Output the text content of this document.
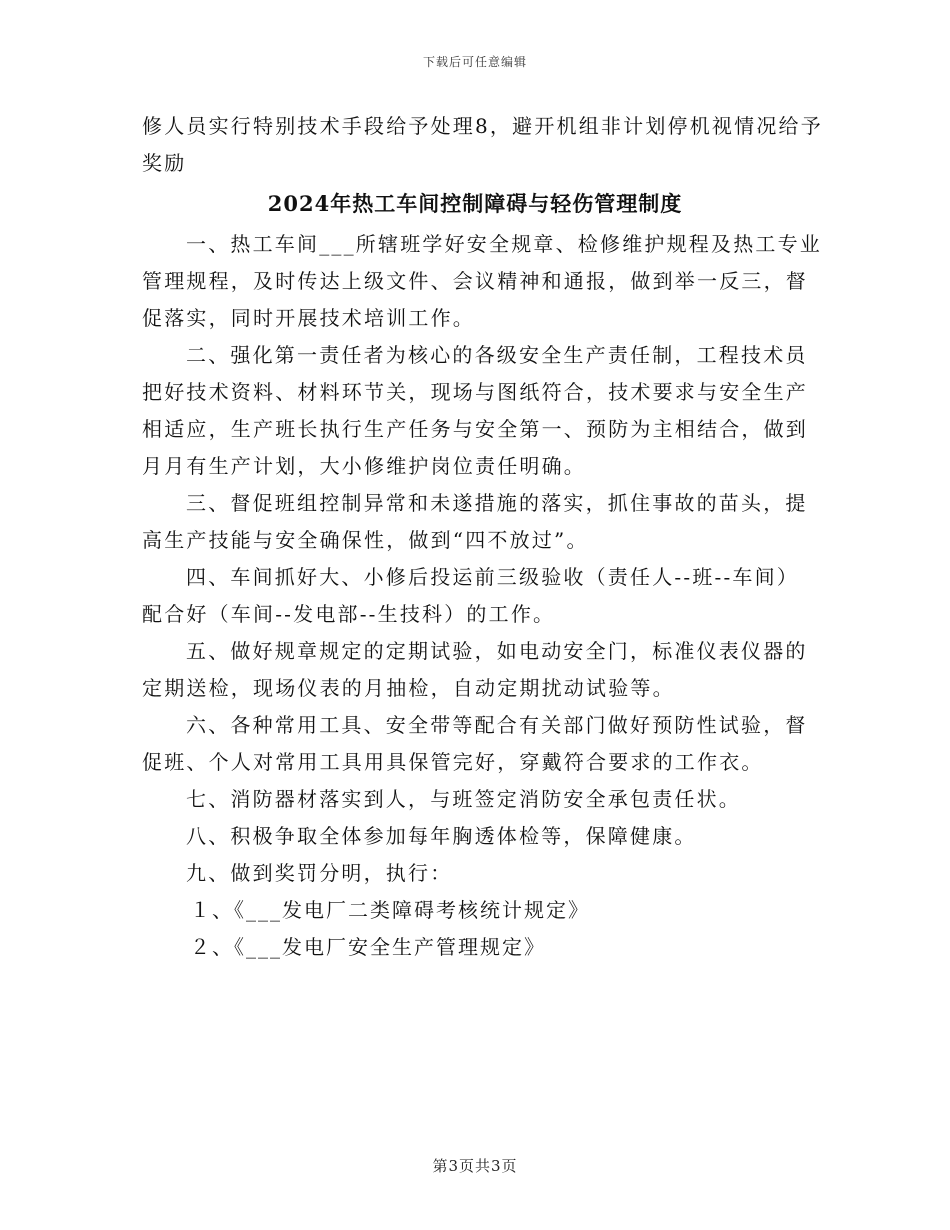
下载后可任意编辑

修人员实行特别技术手段给予处理8，避开机组非计划停机视情况给予

奖励

2024年热工车间控制障碍与轻伤管理制度

一、热工车间___所辖班学好安全规章、检修维护规程及热工专业

管理规程，及时传达上级文件、会议精神和通报，做到举一反三，督

促落实，同时开展技术培训工作。

二、强化第一责任者为核心的各级安全生产责任制，工程技术员

把好技术资料、材料环节关，现场与图纸符合，技术要求与安全生产

相适应，生产班长执行生产任务与安全第一、预防为主相结合，做到

月月有生产计划，大小修维护岗位责任明确。

三、督促班组控制异常和未遂措施的落实，抓住事故的苗头，提

高生产技能与安全确保性，做到“四不放过”。

四、车间抓好大、小修后投运前三级验收（责任人--班--车间）

配合好（车间--发电部--生技科）的工作。

五、做好规章规定的定期试验，如电动安全门，标准仪表仪器的

定期送检，现场仪表的月抽检，自动定期扰动试验等。

六、各种常用工具、安全带等配合有关部门做好预防性试验，督

促班、个人对常用工具用具保管完好，穿戴符合要求的工作衣。

七、消防器材落实到人，与班签定消防安全承包责任状。

八、积极争取全体参加每年胸透体检等，保障健康。

九、做到奖罚分明，执行：

１、《___发电厂二类障碍考核统计规定》

２、《___发电厂安全生产管理规定》

第3页共3页
